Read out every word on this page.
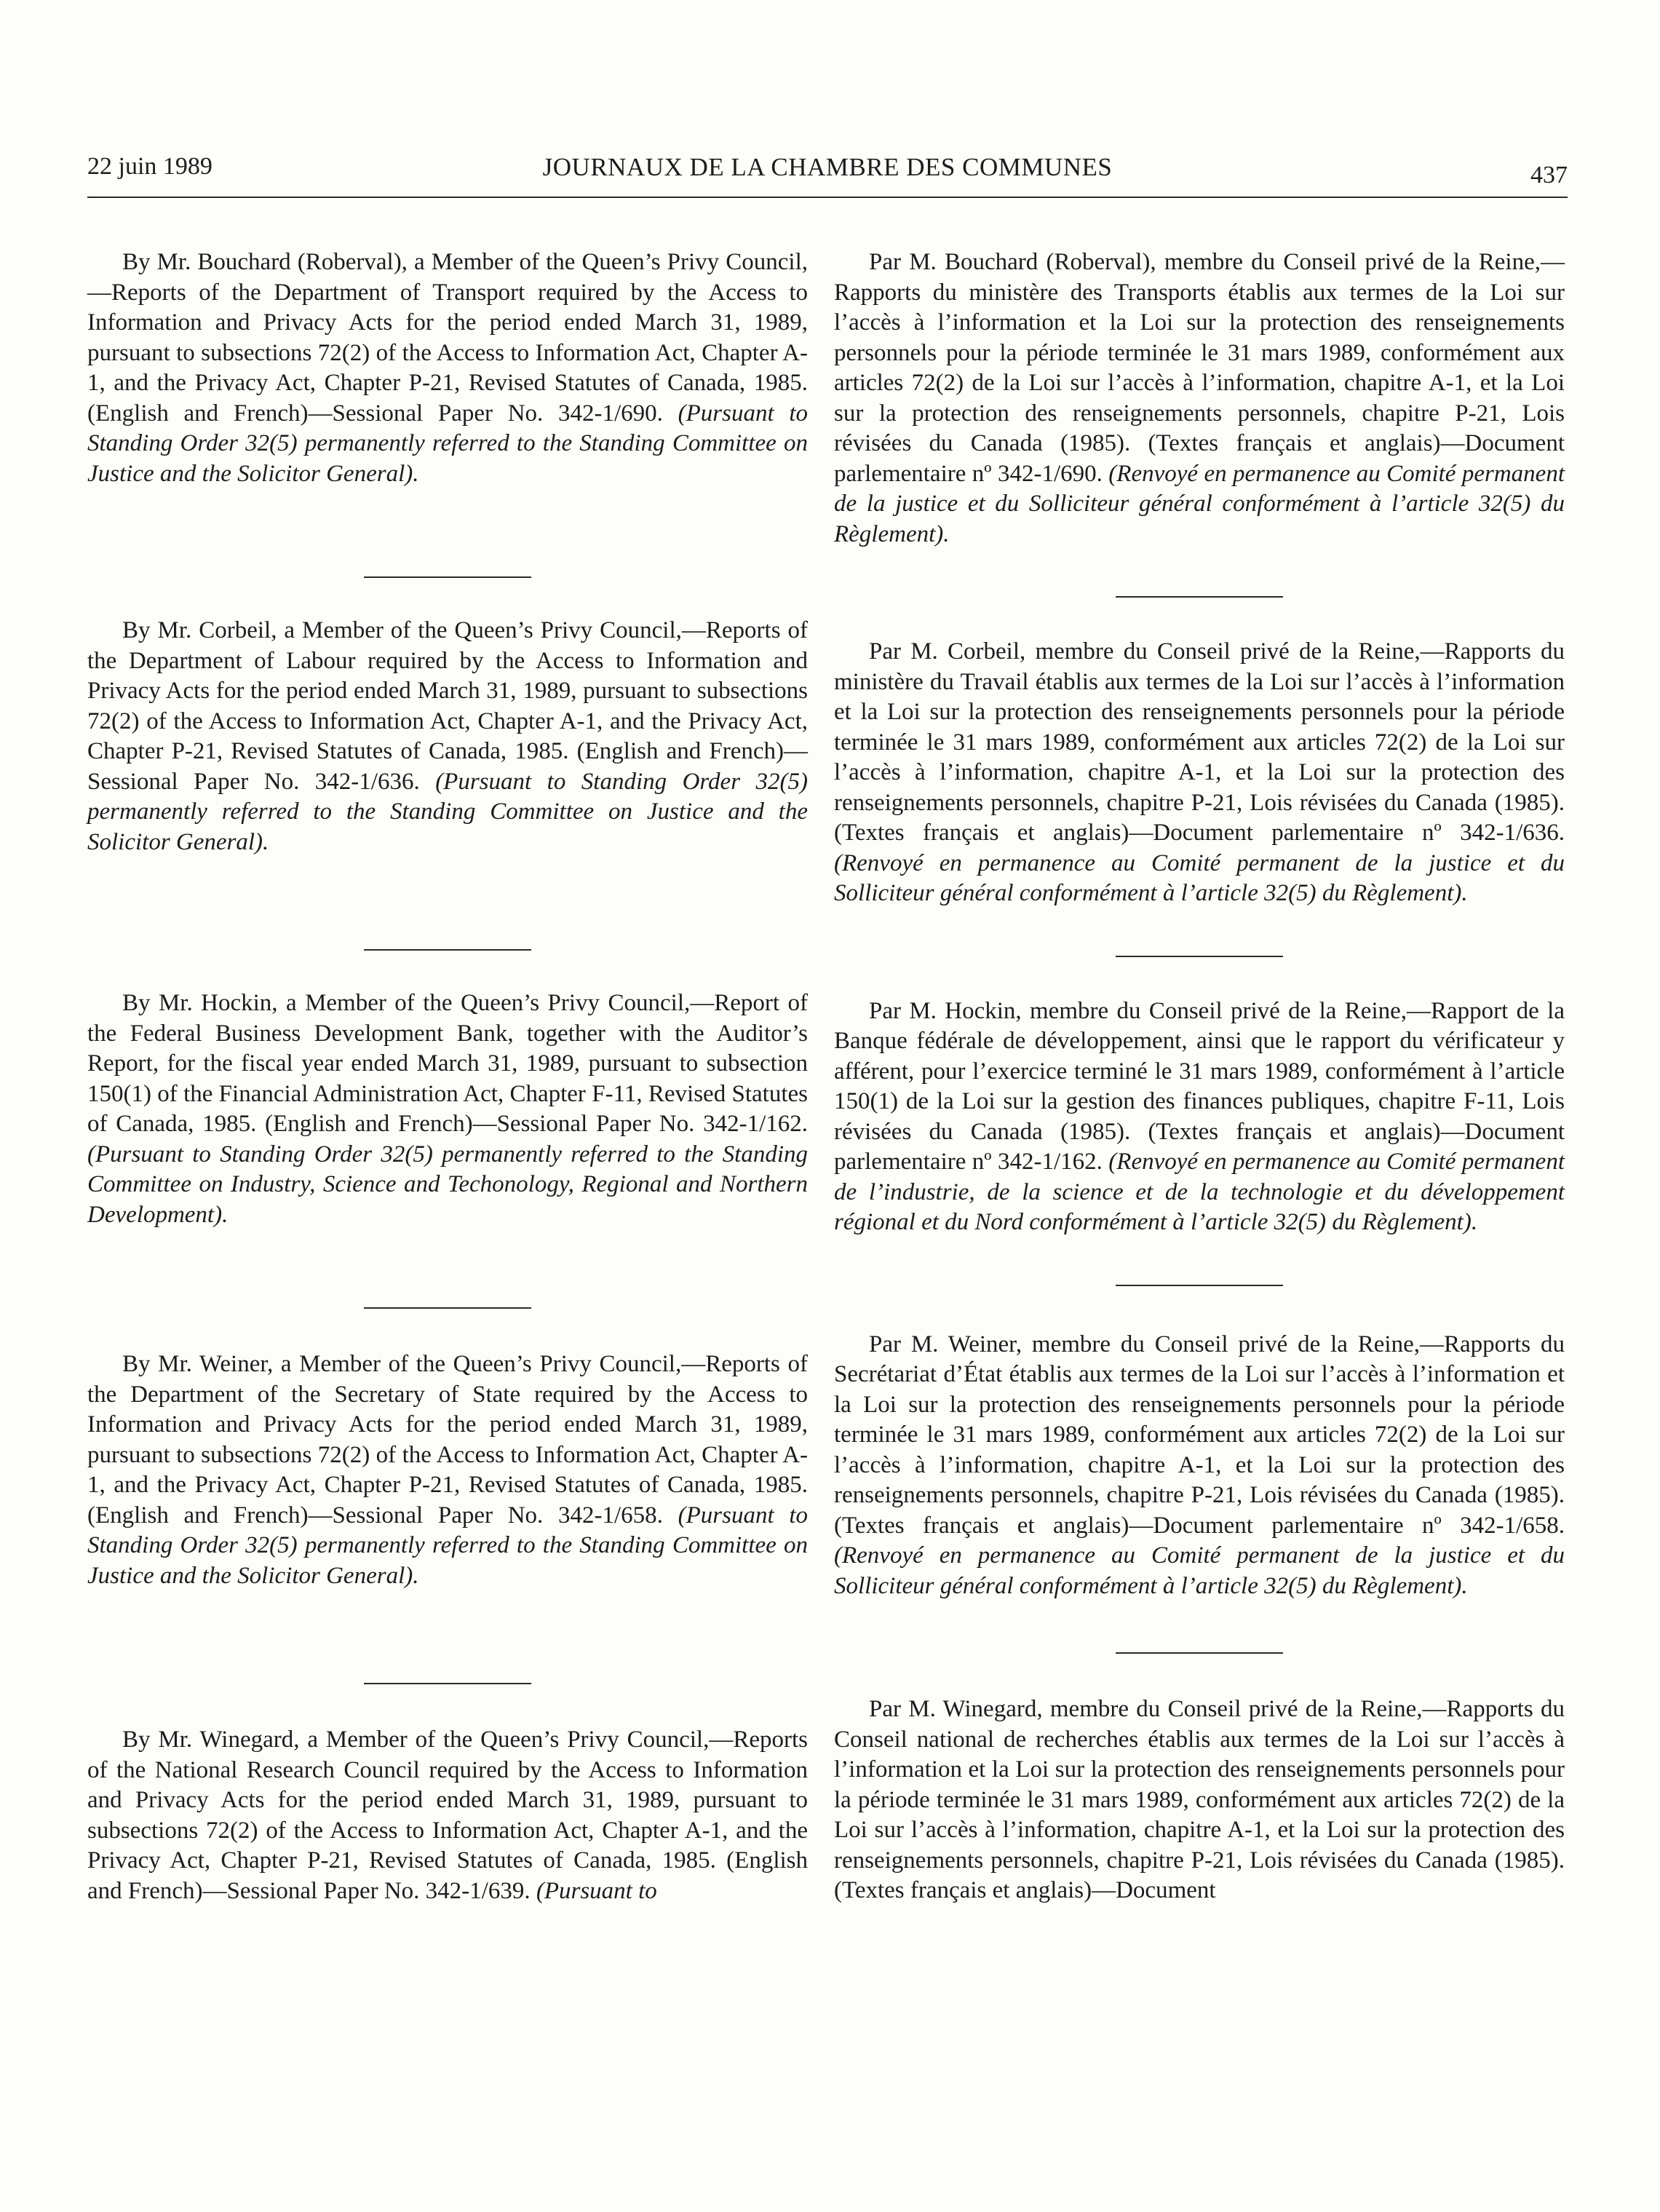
22 juin 1989	JOURNAUX DE LA CHAMBRE DES COMMUNES	437

By Mr. Bouchard (Roberval), a Member of the Queen’s Privy Council,—Reports of the Department of Transport required by the Access to Information and Privacy Acts for the period ended March 31, 1989, pursuant to subsections 72(2) of the Access to Information Act, Chapter A-1, and the Privacy Act, Chapter P-21, Revised Statutes of Canada, 1985. (English and French)—Sessional Paper No. 342-1/690. (Pursuant to Standing Order 32(5) permanently referred to the Standing Committee on Justice and the Solicitor General).

By Mr. Corbeil, a Member of the Queen’s Privy Council,—Reports of the Department of Labour required by the Access to Information and Privacy Acts for the period ended March 31, 1989, pursuant to subsections 72(2) of the Access to Information Act, Chapter A-1, and the Privacy Act, Chapter P-21, Revised Statutes of Canada, 1985. (English and French)—Sessional Paper No. 342-1/636. (Pursuant to Standing Order 32(5) permanently referred to the Standing Committee on Justice and the Solicitor General).

By Mr. Hockin, a Member of the Queen’s Privy Council,—Report of the Federal Business Development Bank, together with the Auditor’s Report, for the fiscal year ended March 31, 1989, pursuant to subsection 150(1) of the Financial Administration Act, Chapter F-11, Revised Statutes of Canada, 1985. (English and French)—Sessional Paper No. 342-1/162. (Pursuant to Standing Order 32(5) permanently referred to the Standing Committee on Industry, Science and Techonology, Regional and Northern Development).

By Mr. Weiner, a Member of the Queen’s Privy Council,—Reports of the Department of the Secretary of State required by the Access to Information and Privacy Acts for the period ended March 31, 1989, pursuant to subsections 72(2) of the Access to Information Act, Chapter A-1, and the Privacy Act, Chapter P-21, Revised Statutes of Canada, 1985. (English and French)—Sessional Paper No. 342-1/658. (Pursuant to Standing Order 32(5) permanently referred to the Standing Committee on Justice and the Solicitor General).

By Mr. Winegard, a Member of the Queen’s Privy Council,—Reports of the National Research Council required by the Access to Information and Privacy Acts for the period ended March 31, 1989, pursuant to subsections 72(2) of the Access to Information Act, Chapter A-1, and the Privacy Act, Chapter P-21, Revised Statutes of Canada, 1985. (English and French)—Sessional Paper No. 342-1/639. (Pursuant to

Par M. Bouchard (Roberval), membre du Conseil privé de la Reine,—Rapports du ministère des Transports établis aux termes de la Loi sur l’accès à l’information et la Loi sur la protection des renseignements personnels pour la période terminée le 31 mars 1989, conformément aux articles 72(2) de la Loi sur l’accès à l’information, chapitre A-1, et la Loi sur la protection des renseignements personnels, chapitre P-21, Lois révisées du Canada (1985). (Textes français et anglais)—Document parlementaire nº 342-1/690. (Renvoyé en permanence au Comité permanent de la justice et du Solliciteur général conformément à l’article 32(5) du Règlement).

Par M. Corbeil, membre du Conseil privé de la Reine,—Rapports du ministère du Travail établis aux termes de la Loi sur l’accès à l’information et la Loi sur la protection des renseignements personnels pour la période terminée le 31 mars 1989, conformément aux articles 72(2) de la Loi sur l’accès à l’information, chapitre A-1, et la Loi sur la protection des renseignements personnels, chapitre P-21, Lois révisées du Canada (1985). (Textes français et anglais)—Document parlementaire nº 342-1/636. (Renvoyé en permanence au Comité permanent de la justice et du Solliciteur général conformément à l’article 32(5) du Règlement).

Par M. Hockin, membre du Conseil privé de la Reine,—Rapport de la Banque fédérale de développement, ainsi que le rapport du vérificateur y afférent, pour l’exercice terminé le 31 mars 1989, conformément à l’article 150(1) de la Loi sur la gestion des finances publiques, chapitre F-11, Lois révisées du Canada (1985). (Textes français et anglais)—Document parlementaire nº 342-1/162. (Renvoyé en permanence au Comité permanent de l’industrie, de la science et de la technologie et du développement régional et du Nord conformément à l’article 32(5) du Règlement).

Par M. Weiner, membre du Conseil privé de la Reine,—Rapports du Secrétariat d’État établis aux termes de la Loi sur l’accès à l’information et la Loi sur la protection des renseignements personnels pour la période terminée le 31 mars 1989, conformément aux articles 72(2) de la Loi sur l’accès à l’information, chapitre A-1, et la Loi sur la protection des renseignements personnels, chapitre P-21, Lois révisées du Canada (1985). (Textes français et anglais)—Document parlementaire nº 342-1/658. (Renvoyé en permanence au Comité permanent de la justice et du Solliciteur général conformément à l’article 32(5) du Règlement).

Par M. Winegard, membre du Conseil privé de la Reine,—Rapports du Conseil national de recherches établis aux termes de la Loi sur l’accès à l’information et la Loi sur la protection des renseignements personnels pour la période terminée le 31 mars 1989, conformément aux articles 72(2) de la Loi sur l’accès à l’information, chapitre A-1, et la Loi sur la protection des renseignements personnels, chapitre P-21, Lois révisées du Canada (1985). (Textes français et anglais)—Document
